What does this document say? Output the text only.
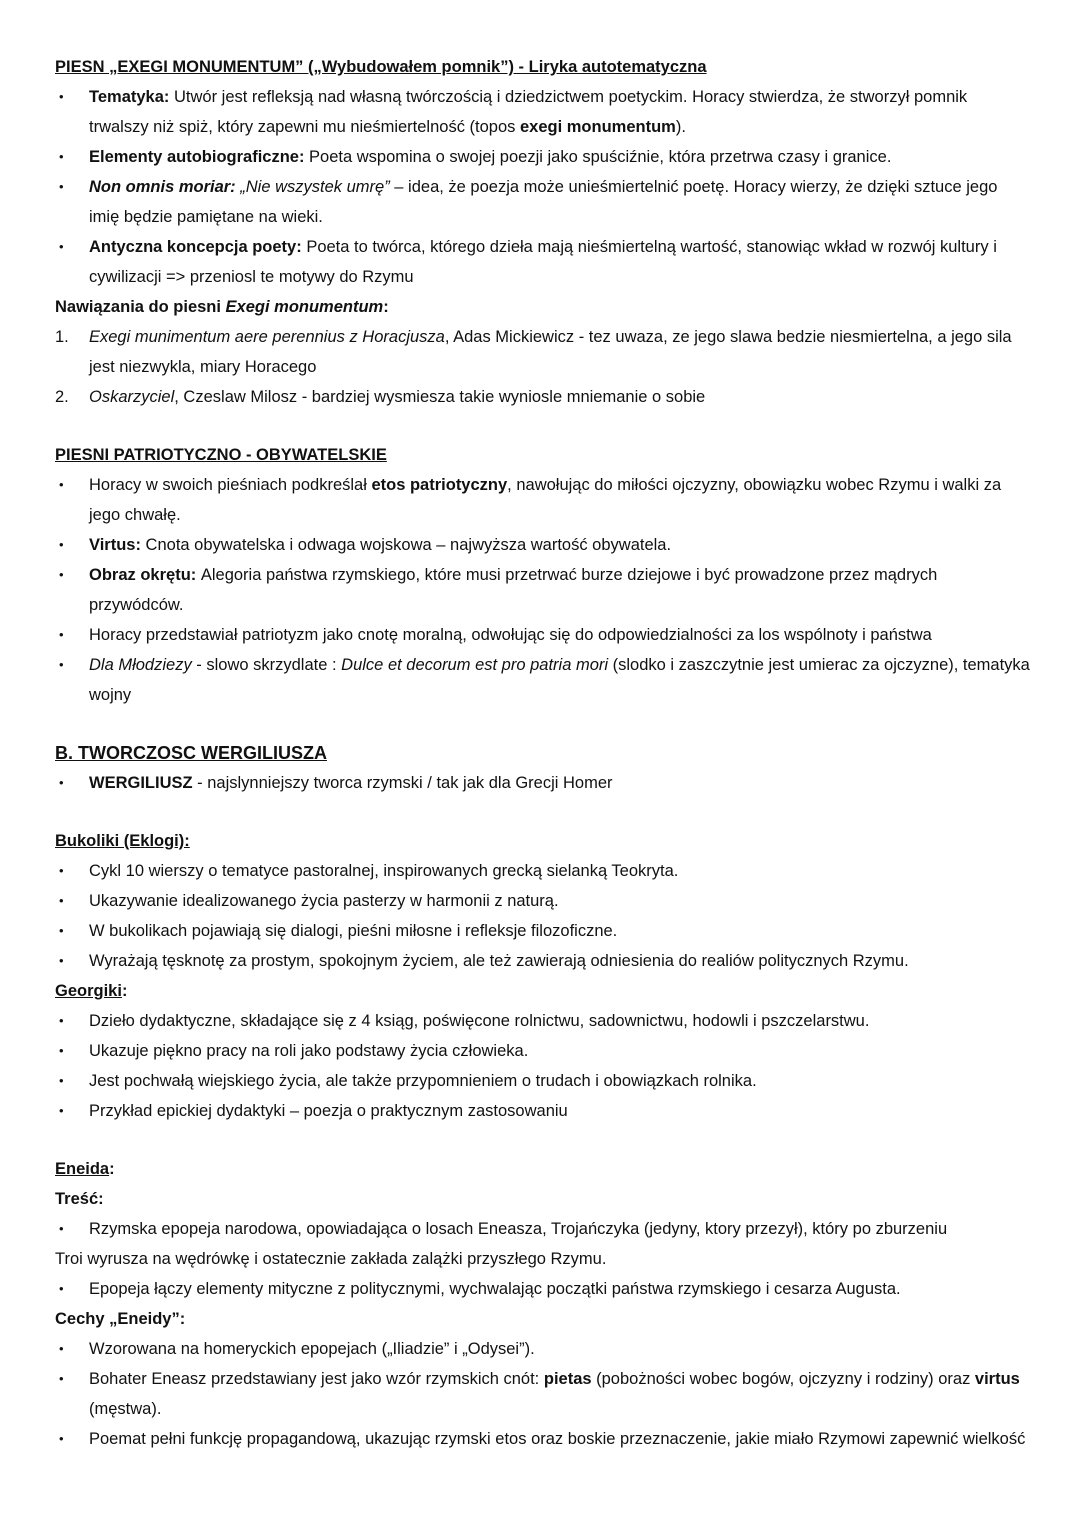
PIESN „EXEGI MONUMENTUM” („Wybudowałem pomnik”) - Liryka autotematyczna
•	Tematyka: Utwór jest refleksją nad własną twórczością i dziedzictwem poetyckim. Horacy stwierdza, że stworzył pomnik trwalszy niż spiż, który zapewni mu nieśmiertelność (topos exegi monumentum).
•	Elementy autobiograficzne: Poeta wspomina o swojej poezji jako spuściźnie, która przetrwa czasy i granice.
•	Non omnis moriar: „Nie wszystek umrę” – idea, że poezja może unieśmiertelnić poetę. Horacy wierzy, że dzięki sztuce jego imię będzie pamiętane na wieki.
•	Antyczna koncepcja poety: Poeta to twórca, którego dzieła mają nieśmiertelną wartość, stanowiąc wkład w rozwój kultury i cywilizacji => przeniosl te motywy do Rzymu
Nawiązania do piesni Exegi monumentum:
1.	Exegi munimentum aere perennius z Horacjusza, Adas Mickiewicz - tez uwaza, ze jego slawa bedzie niesmiertelna, a jego sila jest niezwykla, miary Horacego
2.	Oskarzyciel, Czeslaw Milosz - bardziej wysmiesza takie wyniosle mniemanie o sobie
PIESNI PATRIOTYCZNO - OBYWATELSKIE
•	Horacy w swoich pieśniach podkreślał etos patriotyczny, nawołując do miłości ojczyzny, obowiązku wobec Rzymu i walki za jego chwałę.
•	Virtus: Cnota obywatelska i odwaga wojskowa – najwyższa wartość obywatela.
•	Obraz okrętu: Alegoria państwa rzymskiego, które musi przetrwać burze dziejowe i być prowadzone przez mądrych przywódców.
•	Horacy przedstawiał patriotyzm jako cnotę moralną, odwołując się do odpowiedzialności za los wspólnoty i państwa
•	Dla Młodziezy - slowo skrzydlate : Dulce et decorum est pro patria mori (slodko i zaszczytnie jest umierac za ojczyzne), tematyka wojny
B. TWORCZOSC WERGILIUSZA
•	WERGILIUSZ - najslynniejszy tworca rzymski / tak jak dla Grecji Homer
Bukoliki (Eklogi):
•	Cykl 10 wierszy o tematyce pastoralnej, inspirowanych grecką sielanką Teokryta.
•	Ukazywanie idealizowanego życia pasterzy w harmonii z naturą.
•	W bukolikach pojawiają się dialogi, pieśni miłosne i refleksje filozoficzne.
•	Wyrażają tęsknotę za prostym, spokojnym życiem, ale też zawierają odniesienia do realiów politycznych Rzymu.
Georgiki:
•	Dzieło dydaktyczne, składające się z 4 ksiąg, poświęcone rolnictwu, sadownictwu, hodowli i pszczelarstwu.
•	Ukazuje piękno pracy na roli jako podstawy życia człowieka.
•	Jest pochwałą wiejskiego życia, ale także przypomnieniem o trudach i obowiązkach rolnika.
•	Przykład epickiej dydaktyki – poezja o praktycznym zastosowaniu
Eneida:
Treść:
•	Rzymska epopeja narodowa, opowiadająca o losach Eneasza, Trojańczyka (jedyny, ktory przezył), który po zburzeniu
Troi wyrusza na wędrówkę i ostatecznie zakłada zalążki przyszłego Rzymu.
•	Epopeja łączy elementy mityczne z politycznymi, wychwalając początki państwa rzymskiego i cesarza Augusta.
Cechy „Eneidy”:
•	Wzorowana na homeryckich epopejach („Iliadzie” i „Odysei”).
•	Bohater Eneasz przedstawiany jest jako wzór rzymskich cnót: pietas (pobożności wobec bogów, ojczyzny i rodziny) oraz virtus (męstwa).
•	Poemat pełni funkcję propagandową, ukazując rzymski etos oraz boskie przeznaczenie, jakie miało Rzymowi zapewnić wielkość
